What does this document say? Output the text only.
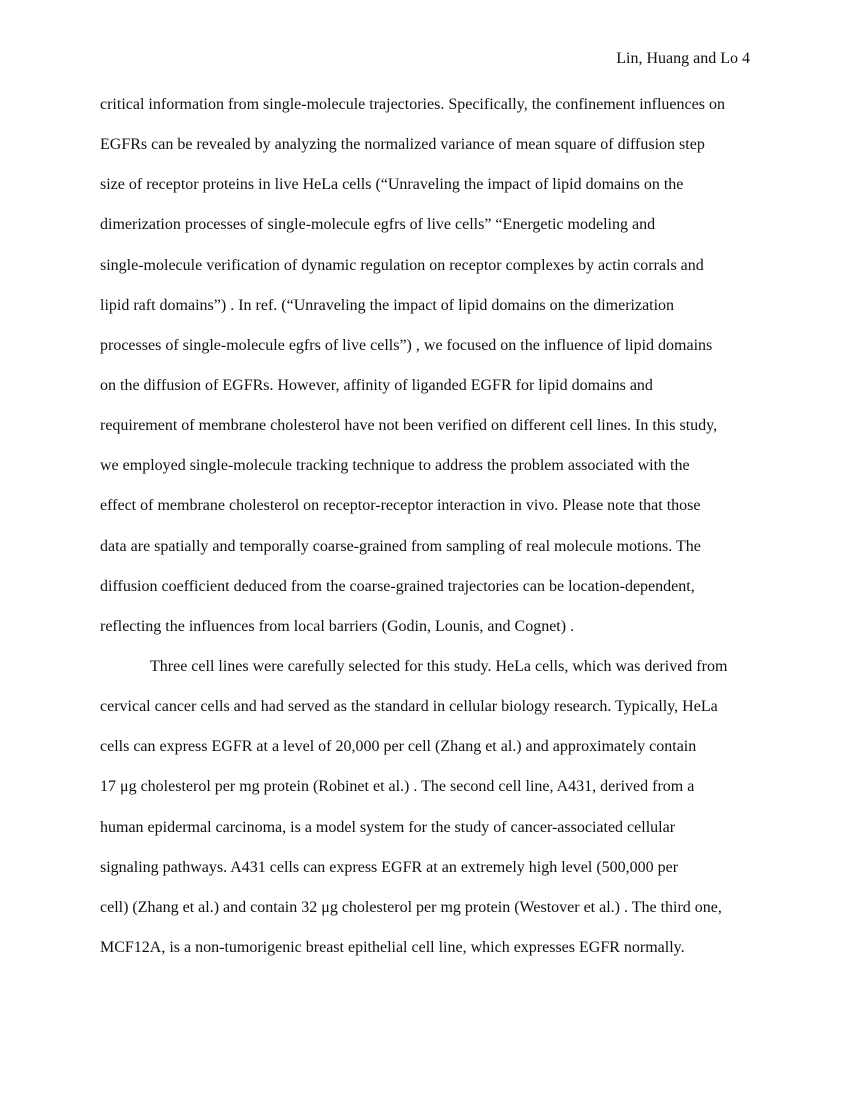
Lin, Huang and Lo 4
critical information from single-molecule trajectories. Specifically, the confinement influences on
EGFRs can be revealed by analyzing the normalized variance of mean square of diffusion step
size of receptor proteins in live HeLa cells (“Unraveling the impact of lipid domains on the
dimerization processes of single-molecule egfrs of live cells” “Energetic modeling and
single-molecule verification of dynamic regulation on receptor complexes by actin corrals and
lipid raft domains”) . In ref. (“Unraveling the impact of lipid domains on the dimerization
processes of single-molecule egfrs of live cells”) , we focused on the influence of lipid domains
on the diffusion of EGFRs. However, affinity of liganded EGFR for lipid domains and
requirement of membrane cholesterol have not been verified on different cell lines. In this study,
we employed single-molecule tracking technique to address the problem associated with the
effect of membrane cholesterol on receptor-receptor interaction in vivo. Please note that those
data are spatially and temporally coarse-grained from sampling of real molecule motions. The
diffusion coefficient deduced from the coarse-grained trajectories can be location-dependent,
reflecting the influences from local barriers (Godin, Lounis, and Cognet) .
Three cell lines were carefully selected for this study. HeLa cells, which was derived from
cervical cancer cells and had served as the standard in cellular biology research. Typically, HeLa
cells can express EGFR at a level of 20,000 per cell (Zhang et al.) and approximately contain
17 μg cholesterol per mg protein (Robinet et al.) . The second cell line, A431, derived from a
human epidermal carcinoma, is a model system for the study of cancer-associated cellular
signaling pathways. A431 cells can express EGFR at an extremely high level (500,000 per
cell) (Zhang et al.) and contain 32 μg cholesterol per mg protein (Westover et al.) . The third one,
MCF12A, is a non-tumorigenic breast epithelial cell line, which expresses EGFR normally.
